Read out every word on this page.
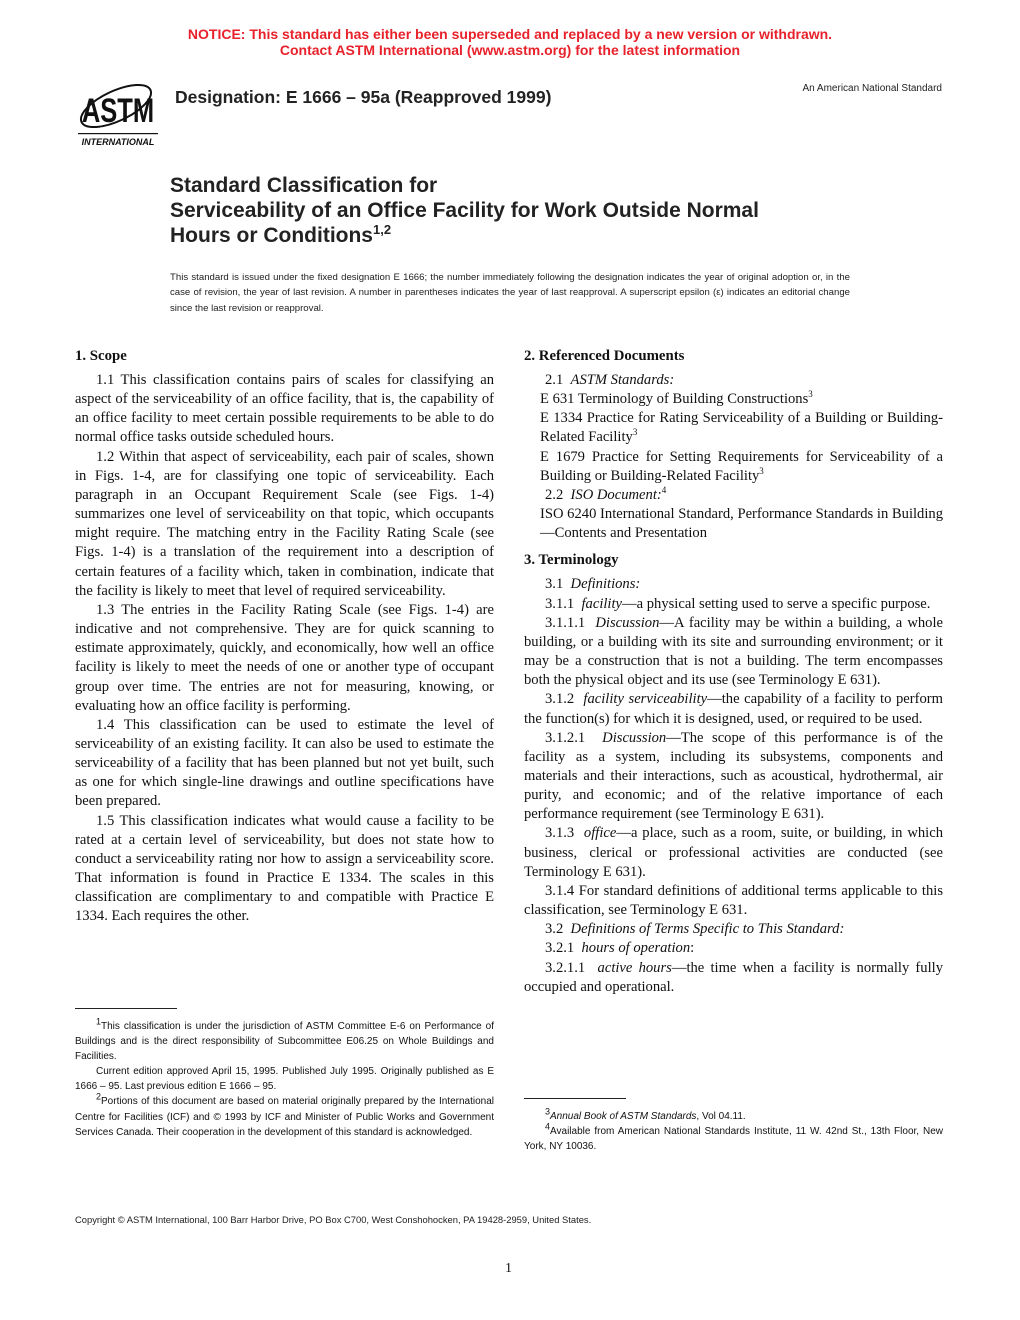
NOTICE: This standard has either been superseded and replaced by a new version or withdrawn.
Contact ASTM International (www.astm.org) for the latest information
ASTM
INTERNATIONAL
Designation: E 1666 – 95a (Reapproved 1999)	An American National Standard
Standard Classification for
Serviceability of an Office Facility for Work Outside Normal
Hours or Conditions$^{1,2}$
This standard is issued under the fixed designation E 1666; the number immediately following the designation indicates the year of original adoption or, in the case of revision, the year of last revision. A number in parentheses indicates the year of last reapproval. A superscript epsilon (ε) indicates an editorial change since the last revision or reapproval.
1. Scope

1.1 This classification contains pairs of scales for classifying an aspect of the serviceability of an office facility, that is, the capability of an office facility to meet certain possible requirements to be able to do normal office tasks outside scheduled hours.

1.2 Within that aspect of serviceability, each pair of scales, shown in Figs. 1-4, are for classifying one topic of serviceability. Each paragraph in an Occupant Requirement Scale (see Figs. 1-4) summarizes one level of serviceability on that topic, which occupants might require. The matching entry in the Facility Rating Scale (see Figs. 1-4) is a translation of the requirement into a description of certain features of a facility which, taken in combination, indicate that the facility is likely to meet that level of required serviceability.

1.3 The entries in the Facility Rating Scale (see Figs. 1-4) are indicative and not comprehensive. They are for quick scanning to estimate approximately, quickly, and economically, how well an office facility is likely to meet the needs of one or another type of occupant group over time. The entries are not for measuring, knowing, or evaluating how an office facility is performing.

1.4 This classification can be used to estimate the level of serviceability of an existing facility. It can also be used to estimate the serviceability of a facility that has been planned but not yet built, such as one for which single-line drawings and outline specifications have been prepared.

1.5 This classification indicates what would cause a facility to be rated at a certain level of serviceability, but does not state how to conduct a serviceability rating nor how to assign a serviceability score. That information is found in Practice E 1334. The scales in this classification are complimentary to and compatible with Practice E 1334. Each requires the other.

2. Referenced Documents

2.1 ASTM Standards:

E 631 Terminology of Building Constructions$^3$

E 1334 Practice for Rating Serviceability of a Building or Building-Related Facility$^3$

E 1679 Practice for Setting Requirements for Serviceability of a Building or Building-Related Facility$^3$

2.2 ISO Document:$^4$

ISO 6240 International Standard, Performance Standards in Building—Contents and Presentation

3. Terminology

3.1 Definitions:

3.1.1 facility—a physical setting used to serve a specific purpose.

3.1.1.1 Discussion—A facility may be within a building, a whole building, or a building with its site and surrounding environment; or it may be a construction that is not a building. The term encompasses both the physical object and its use (see Terminology E 631).

3.1.2 facility serviceability—the capability of a facility to perform the function(s) for which it is designed, used, or required to be used.

3.1.2.1 Discussion—The scope of this performance is of the facility as a system, including its subsystems, components and materials and their interactions, such as acoustical, hydrothermal, air purity, and economic; and of the relative importance of each performance requirement (see Terminology E 631).

3.1.3 office—a place, such as a room, suite, or building, in which business, clerical or professional activities are conducted (see Terminology E 631).

3.1.4 For standard definitions of additional terms applicable to this classification, see Terminology E 631.

3.2 Definitions of Terms Specific to This Standard:

3.2.1 hours of operation:

3.2.1.1 active hours—the time when a facility is normally fully occupied and operational.

$^1$This classification is under the jurisdiction of ASTM Committee E-6 on Performance of Buildings and is the direct responsibility of Subcommittee E06.25 on Whole Buildings and Facilities.

Current edition approved April 15, 1995. Published July 1995. Originally published as E 1666 – 95. Last previous edition E 1666 – 95.

$^2$Portions of this document are based on material originally prepared by the International Centre for Facilities (ICF) and © 1993 by ICF and Minister of Public Works and Government Services Canada. Their cooperation in the development of this standard is acknowledged.

$^3$Annual Book of ASTM Standards, Vol 04.11.

$^4$Available from American National Standards Institute, 11 W. 42nd St., 13th Floor, New York, NY 10036.

Copyright © ASTM International, 100 Barr Harbor Drive, PO Box C700, West Conshohocken, PA 19428-2959, United States.
1
